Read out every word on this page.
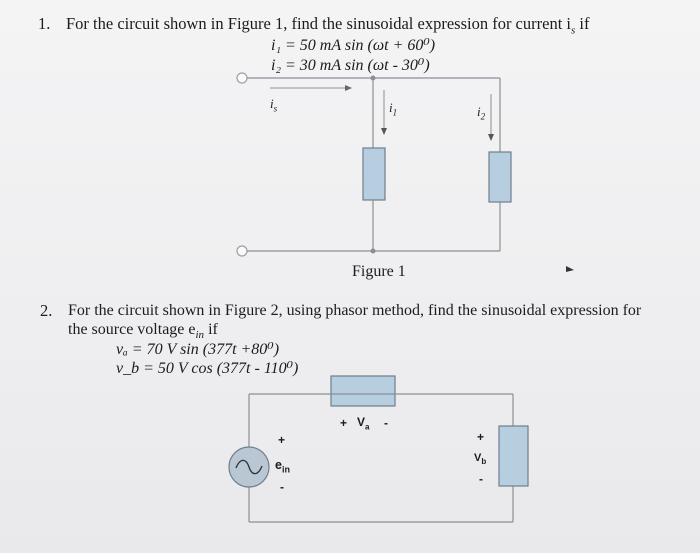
1. For the circuit shown in Figure 1, find the sinusoidal expression for current $i_s$ if
i₁ = 50 mA sin (ωt + 60⁰)
i₂ = 30 mA sin (ωt - 30⁰)
$i_s$	$i_1$	$i_2$
Figure 1
2. For the circuit shown in Figure 2, using phasor method, find the sinusoidal expression for
the source voltage $e_{in}$ if
vₐ = 70 V sin (377t +80⁰)
v_b = 50 V cos (377t - 110⁰)
+
$e_{in}$
-
+ $V_a$ -
+
$V_b$
-
